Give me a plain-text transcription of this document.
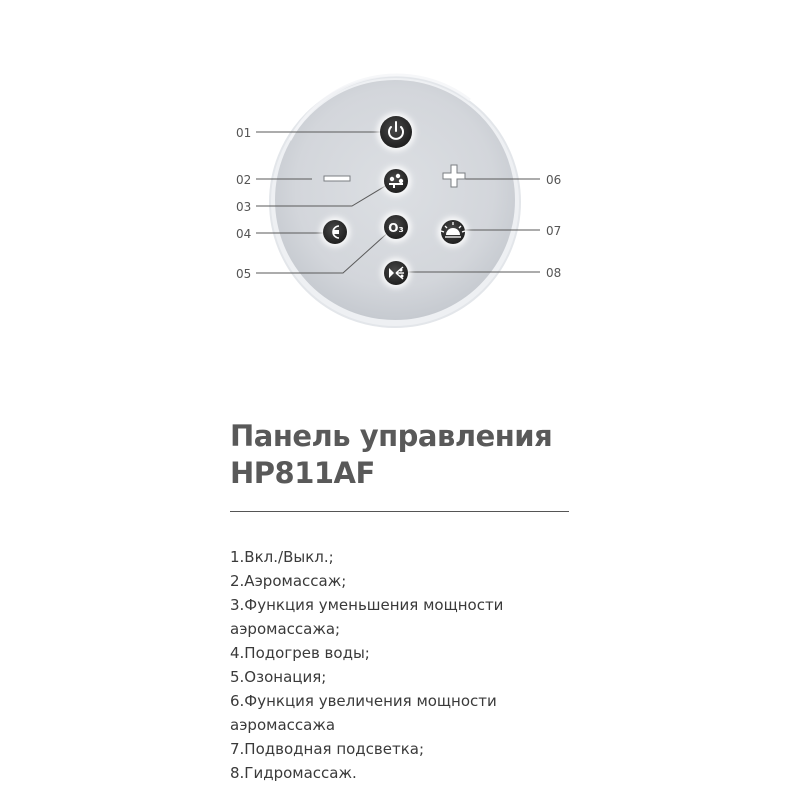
O₃
01
02
03
04
05
06
07
08
Панель управления
HP811AF
1.Вкл./Выкл.;
2.Аэромассаж;
3.Функция уменьшения мощности
аэромассажа;
4.Подогрев воды;
5.Озонация;
6.Функция увеличения мощности
аэромассажа
7.Подводная подсветка;
8.Гидромассаж.
